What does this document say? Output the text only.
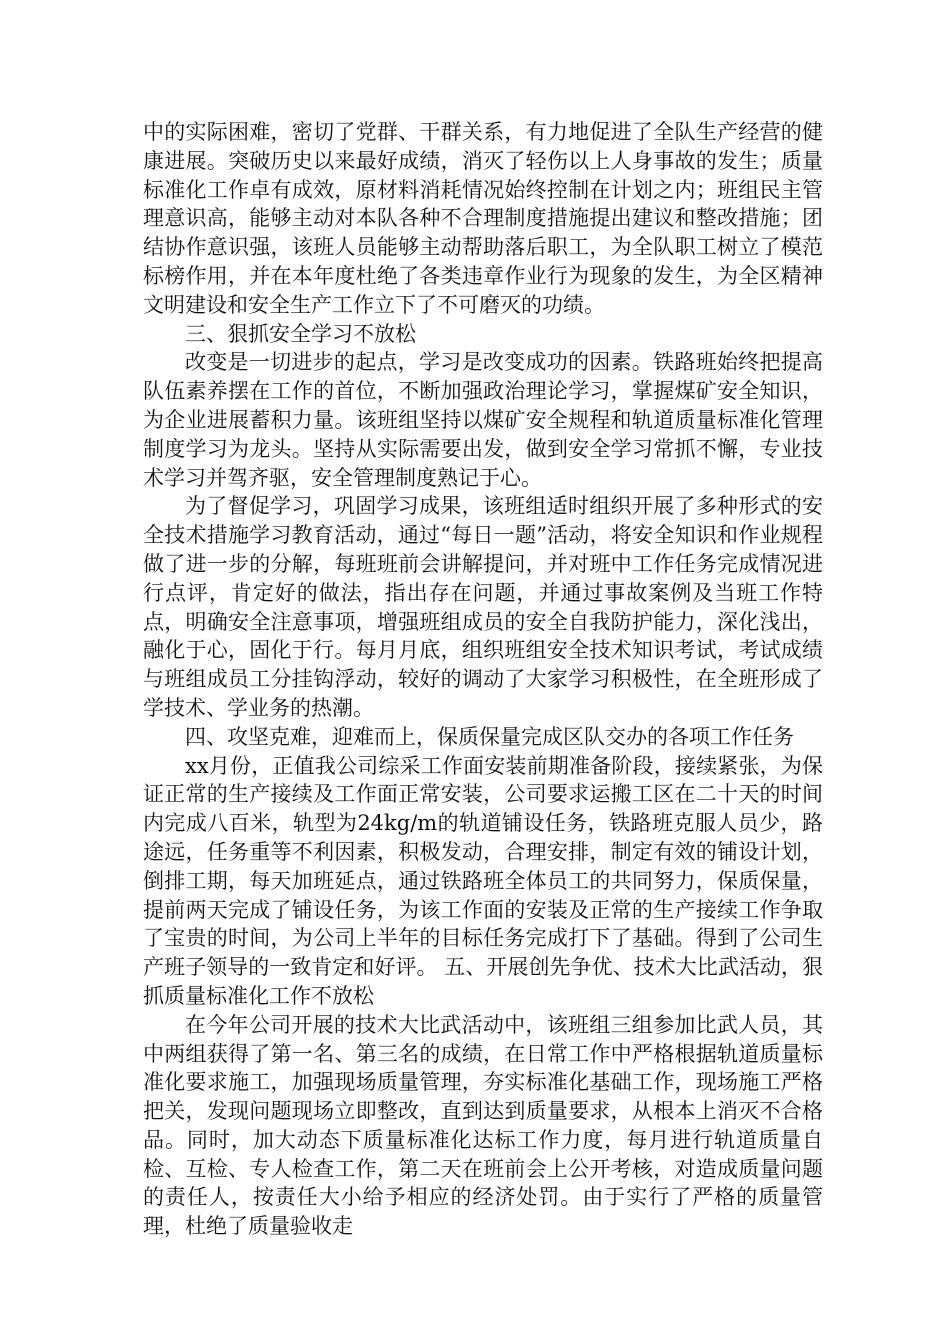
中的实际困难，密切了党群、干群关系，有力地促进了全队生产经营的健康进展。突破历史以来最好成绩，消灭了轻伤以上人身事故的发生；质量标准化工作卓有成效，原材料消耗情况始终控制在计划之内；班组民主管理意识高，能够主动对本队各种不合理制度措施提出建议和整改措施；团结协作意识强，该班人员能够主动帮助落后职工，为全队职工树立了模范标榜作用，并在本年度杜绝了各类违章作业行为现象的发生，为全区精神文明建设和安全生产工作立下了不可磨灭的功绩。

三、狠抓安全学习不放松

改变是一切进步的起点，学习是改变成功的因素。铁路班始终把提高队伍素养摆在工作的首位，不断加强政治理论学习，掌握煤矿安全知识，为企业进展蓄积力量。该班组坚持以煤矿安全规程和轨道质量标准化管理制度学习为龙头。坚持从实际需要出发，做到安全学习常抓不懈，专业技术学习并驾齐驱，安全管理制度熟记于心。

为了督促学习，巩固学习成果，该班组适时组织开展了多种形式的安全技术措施学习教育活动，通过“每日一题”活动，将安全知识和作业规程做了进一步的分解，每班班前会讲解提问，并对班中工作任务完成情况进行点评，肯定好的做法，指出存在问题，并通过事故案例及当班工作特点，明确安全注意事项，增强班组成员的安全自我防护能力，深化浅出，融化于心，固化于行。每月月底，组织班组安全技术知识考试，考试成绩与班组成员工分挂钩浮动，较好的调动了大家学习积极性，在全班形成了学技术、学业务的热潮。

四、攻坚克难，迎难而上，保质保量完成区队交办的各项工作任务

xx月份，正值我公司综采工作面安装前期准备阶段，接续紧张，为保证正常的生产接续及工作面正常安装，公司要求运搬工区在二十天的时间内完成八百米，轨型为24kg/m的轨道铺设任务，铁路班克服人员少，路途远，任务重等不利因素，积极发动，合理安排，制定有效的铺设计划，倒排工期，每天加班延点，通过铁路班全体员工的共同努力，保质保量，提前两天完成了铺设任务，为该工作面的安装及正常的生产接续工作争取了宝贵的时间，为公司上半年的目标任务完成打下了基础。得到了公司生产班子领导的一致肯定和好评。 五、开展创先争优、技术大比武活动，狠抓质量标准化工作不放松

在今年公司开展的技术大比武活动中，该班组三组参加比武人员，其中两组获得了第一名、第三名的成绩，在日常工作中严格根据轨道质量标准化要求施工，加强现场质量管理，夯实标准化基础工作，现场施工严格把关，发现问题现场立即整改，直到达到质量要求，从根本上消灭不合格品。同时，加大动态下质量标准化达标工作力度，每月进行轨道质量自检、互检、专人检查工作，第二天在班前会上公开考核，对造成质量问题的责任人，按责任大小给予相应的经济处罚。由于实行了严格的质量管理，杜绝了质量验收走
